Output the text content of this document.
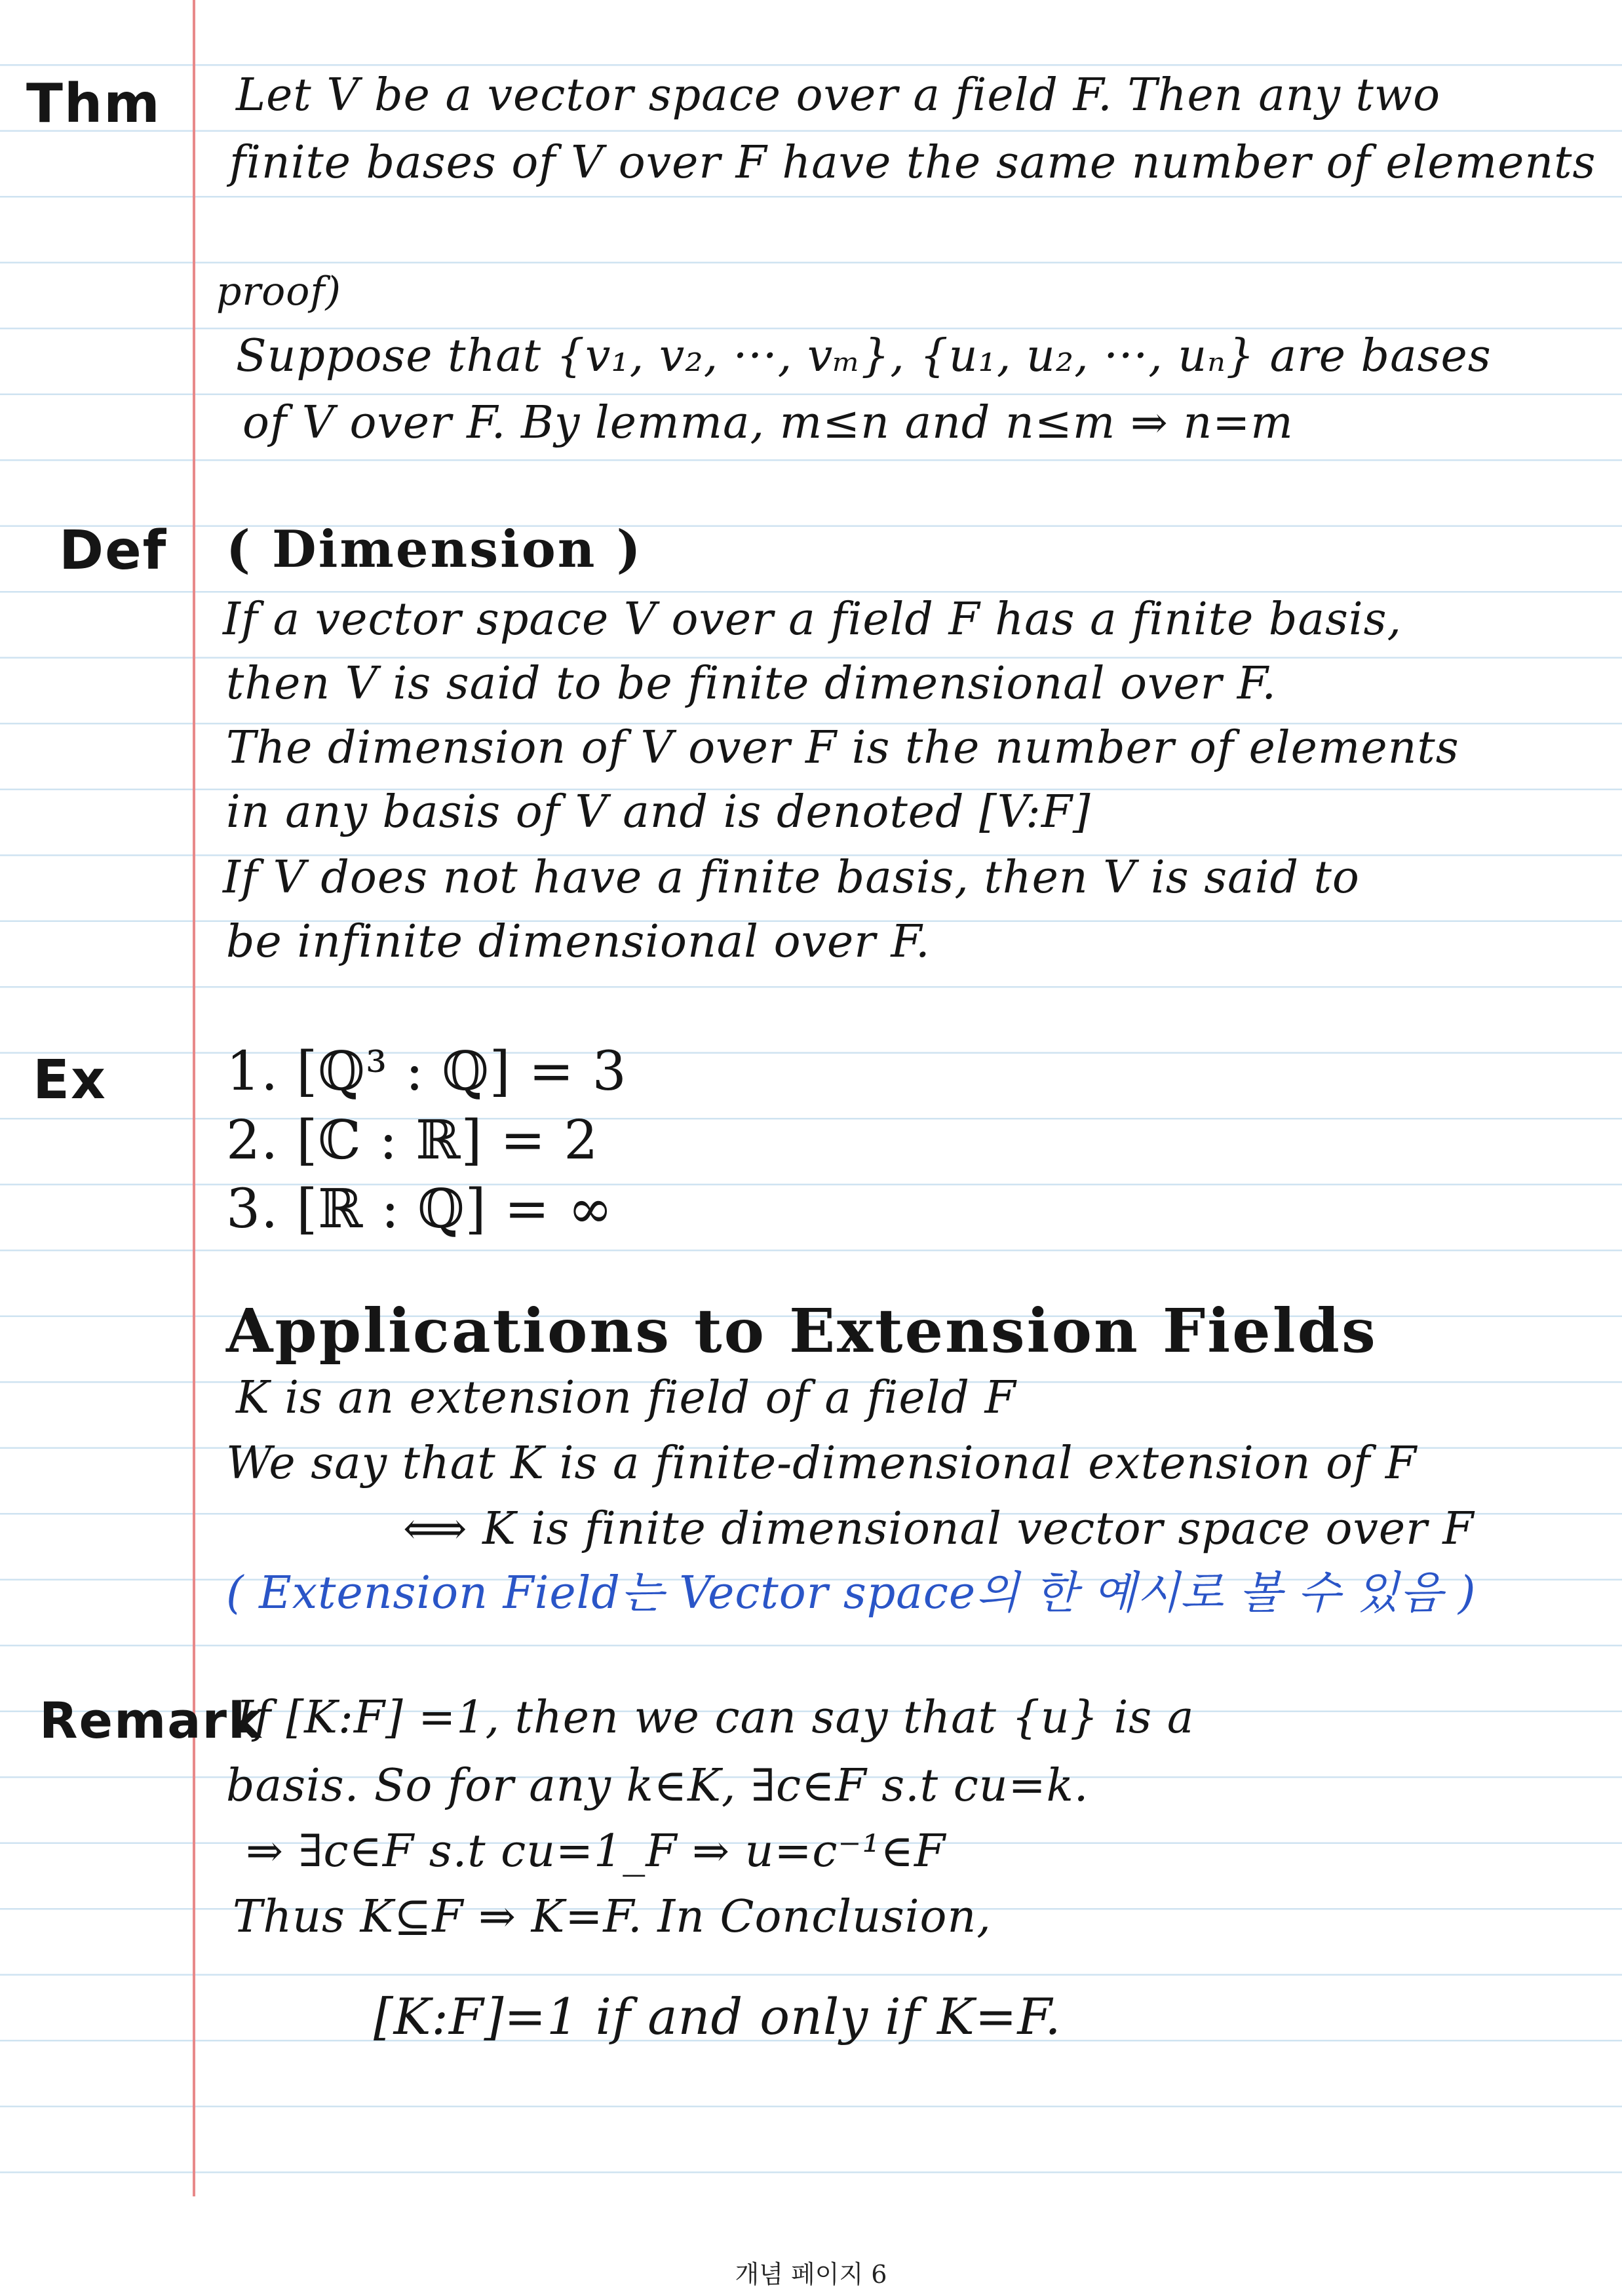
Thm Let V be a vector space over a field F. Then any two
finite bases of V over F have the same number of elements
proof)
Suppose that {v₁, v₂, ···, vₘ}, {u₁, u₂, ···, uₙ} are bases
of V over F. By lemma, m≤n and n≤m ⇒ n=m
Def ( Dimension )
If a vector space V over a field F has a finite basis,
then V is said to be finite dimensional over F.
The dimension of V over F is the number of elements
in any basis of V and is denoted [V:F]
If V does not have a finite basis, then V is said to
be infinite dimensional over F.
Ex 1. [ℚ³ : ℚ] = 3
2. [ℂ : ℝ] = 2
3. [ℝ : ℚ] = ∞
Applications to Extension Fields
K is an extension field of a field F
We say that K is a finite-dimensional extension of F
⟺ K is finite dimensional vector space over F
( Extension Field는 Vector space의 한 예시로 볼 수 있음 )
Remark
If [K:F] =1, then we can say that {u} is a
basis. So for any k∈K, ∃c∈F s.t cu=k.
⇒ ∃c∈F s.t cu=1_F ⇒ u=c⁻¹∈F
Thus K⊆F ⇒ K=F. In Conclusion,
[K:F]=1 if and only if K=F.
개념 페이지 6
